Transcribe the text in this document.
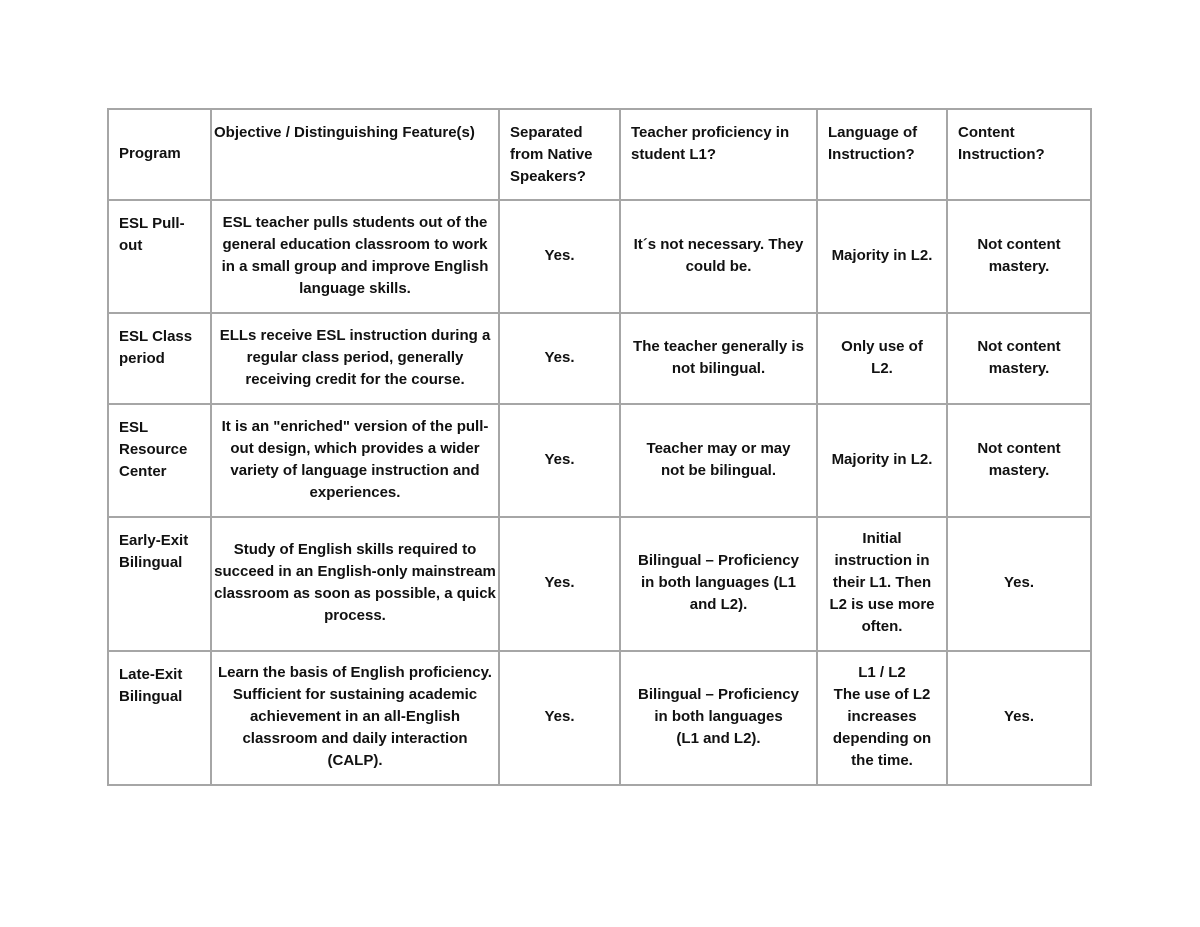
Program	Objective / Distinguishing Feature(s)	Separated
from Native
Speakers?	Teacher proficiency in
student L1?	Language of
Instruction?	Content
Instruction?

ESL Pull-
out	ESL teacher pulls students out of the
general education classroom to work
in a small group and improve English
language skills.	Yes.	It´s not necessary. They
could be.	Majority in L2.	Not content
mastery.

ESL Class
period	ELLs receive ESL instruction during a
regular class period, generally
receiving credit for the course.	Yes.	The teacher generally is
not bilingual.	Only use of
L2.	Not content
mastery.

ESL
Resource
Center	It is an "enriched" version of the pull-
out design, which provides a wider
variety of language instruction and
experiences.	Yes.	Teacher may or may
not be bilingual.	Majority in L2.	Not content
mastery.

Early-Exit
Bilingual	Study of English skills required to
succeed in an English-only mainstream
classroom as soon as possible, a quick
process.	Yes.	Bilingual – Proficiency
in both languages (L1
and L2).	Initial
instruction in
their L1. Then
L2 is use more
often.	Yes.

Late-Exit
Bilingual	Learn the basis of English proficiency.
Sufficient for sustaining academic
achievement in an all-English
classroom and daily interaction
(CALP).	Yes.	Bilingual – Proficiency
in both languages
(L1 and L2).	L1 / L2
The use of L2
increases
depending on
the time.	Yes.
